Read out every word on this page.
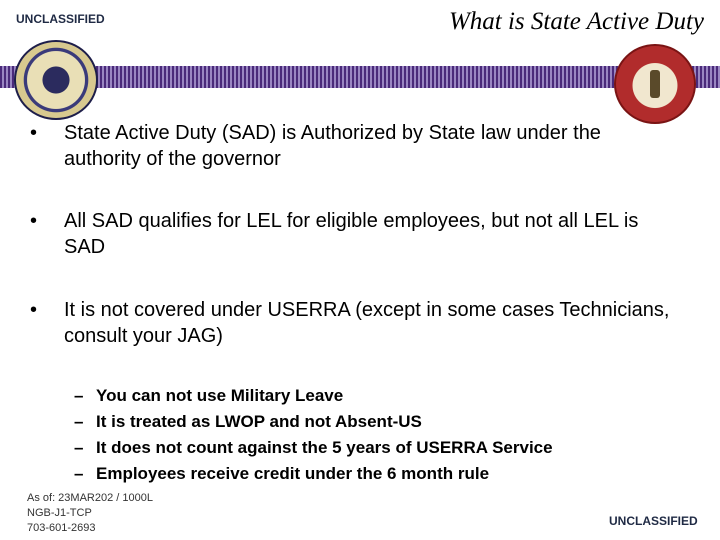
UNCLASSIFIED	What is State Active Duty
• State Active Duty (SAD) is Authorized by State law under the authority of the governor
• All SAD qualifies for LEL for eligible employees, but not all LEL is SAD
• It is not covered under USERRA (except in some cases Technicians, consult your JAG)
– You can not use Military Leave
– It is treated as LWOP and not Absent-US
– It does not count against the 5 years of USERRA Service
– Employees receive credit under the 6 month rule
As of: 23MAR202 / 1000L
NGB-J1-TCP
703-601-2693	UNCLASSIFIED
